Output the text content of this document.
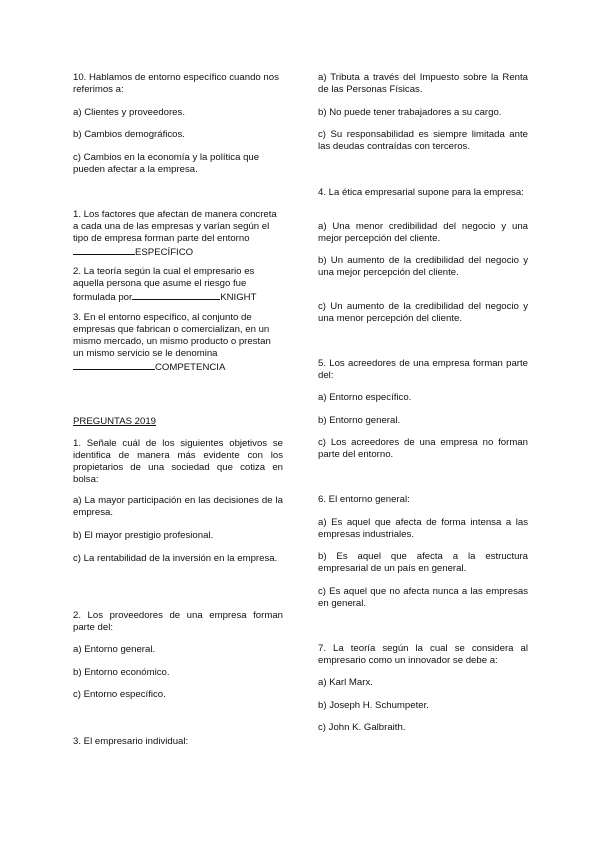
10. Hablamos de entorno específico cuando nos referimos a:

a) Clientes y proveedores.

b) Cambios demográficos.

c) Cambios en la economía y la política que pueden afectar a la empresa.

1. Los factores que afectan de manera concreta a cada una de las empresas y varían según el tipo de empresa forman parte del entornoESPECÍFICO

2. La teoría según la cual el empresario es aquella persona que asume el riesgo fue formulada por	KNIGHT

3. En el entorno específico, al conjunto de empresas que fabrican o comercializan, en un mismo mercado, un mismo producto o prestan un mismo servicio se le denomina COMPETENCIA

PREGUNTAS 2019

1. Señale cuál de los siguientes objetivos se identifica de manera más evidente con los propietarios de una sociedad que cotiza en bolsa:

a) La mayor participación en las decisiones de la empresa.

b) El mayor prestigio profesional.

c) La rentabilidad de la inversión en la empresa.

2. Los proveedores de una empresa forman parte del:

a) Entorno general.

b) Entorno económico.

c) Entorno específico.

3. El empresario individual:

a) Tributa a través del Impuesto sobre la Renta de las Personas Físicas.

b) No puede tener trabajadores a su cargo.

c) Su responsabilidad es siempre limitada ante las deudas contraídas con terceros.

4. La ética empresarial supone para la empresa:

a) Una menor credibilidad del negocio y una mejor percepción del cliente.

b) Un aumento de la credibilidad del negocio y una mejor percepción del cliente.

c) Un aumento de la credibilidad del negocio y una menor percepción del cliente.

5. Los acreedores de una empresa forman parte del:

a) Entorno específico.

b) Entorno general.

c) Los acreedores de una empresa no forman parte del entorno.

6. El entorno general:

a) Es aquel que afecta de forma intensa a las empresas industriales.

b) Es aquel que afecta a la estructura empresarial de un país en general.

c) Es aquel que no afecta nunca a las empresas en general.

7. La teoría según la cual se considera al empresario como un innovador se debe a:

a) Karl Marx.

b) Joseph H. Schumpeter.

c) John K. Galbraith.
